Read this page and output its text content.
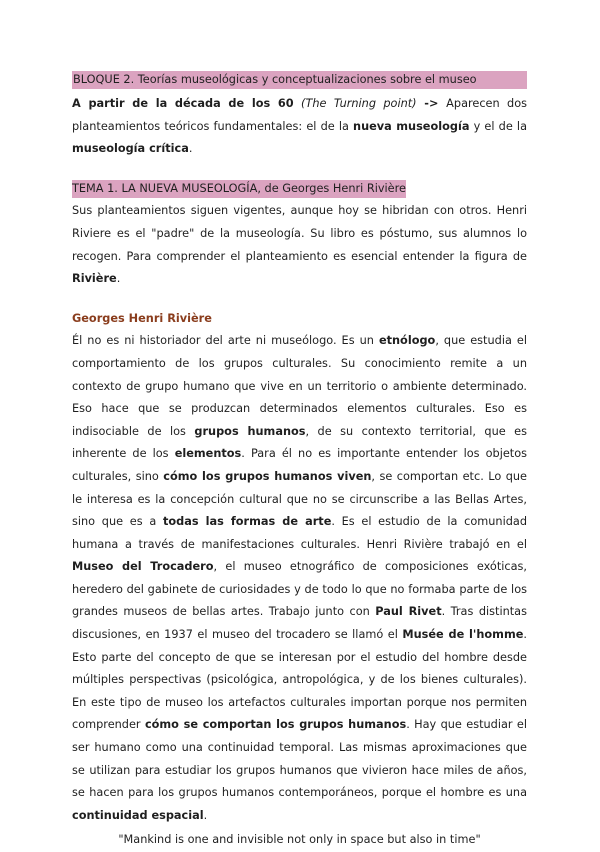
BLOQUE 2. Teorías museológicas y conceptualizaciones sobre el museo

A partir de la década de los 60 (The Turning point) -> Aparecen dos planteamientos teóricos fundamentales: el de la nueva museología y el de la museología crítica.

TEMA 1. LA NUEVA MUSEOLOGÍA, de Georges Henri Rivière

Sus planteamientos siguen vigentes, aunque hoy se hibridan con otros. Henri Riviere es el "padre" de la museología. Su libro es póstumo, sus alumnos lo recogen. Para comprender el planteamiento es esencial entender la figura de Rivière.

Georges Henri Rivière

Él no es ni historiador del arte ni museólogo. Es un etnólogo, que estudia el comportamiento de los grupos culturales. Su conocimiento remite a un contexto de grupo humano que vive en un territorio o ambiente determinado. Eso hace que se produzcan determinados elementos culturales. Eso es indisociable de los grupos humanos, de su contexto territorial, que es inherente de los elementos. Para él no es importante entender los objetos culturales, sino cómo los grupos humanos viven, se comportan etc. Lo que le interesa es la concepción cultural que no se circunscribe a las Bellas Artes, sino que es a todas las formas de arte. Es el estudio de la comunidad humana a través de manifestaciones culturales. Henri Rivière trabajó en el Museo del Trocadero, el museo etnográfico de composiciones exóticas, heredero del gabinete de curiosidades y de todo lo que no formaba parte de los grandes museos de bellas artes. Trabajo junto con Paul Rivet. Tras distintas discusiones, en 1937 el museo del trocadero se llamó el Musée de l'homme. Esto parte del concepto de que se interesan por el estudio del hombre desde múltiples perspectivas (psicológica, antropológica, y de los bienes culturales). En este tipo de museo los artefactos culturales importan porque nos permiten comprender cómo se comportan los grupos humanos. Hay que estudiar el ser humano como una continuidad temporal. Las mismas aproximaciones que se utilizan para estudiar los grupos humanos que vivieron hace miles de años, se hacen para los grupos humanos contemporáneos, porque el hombre es una continuidad espacial.

"Mankind is one and invisible not only in space but also in time"
